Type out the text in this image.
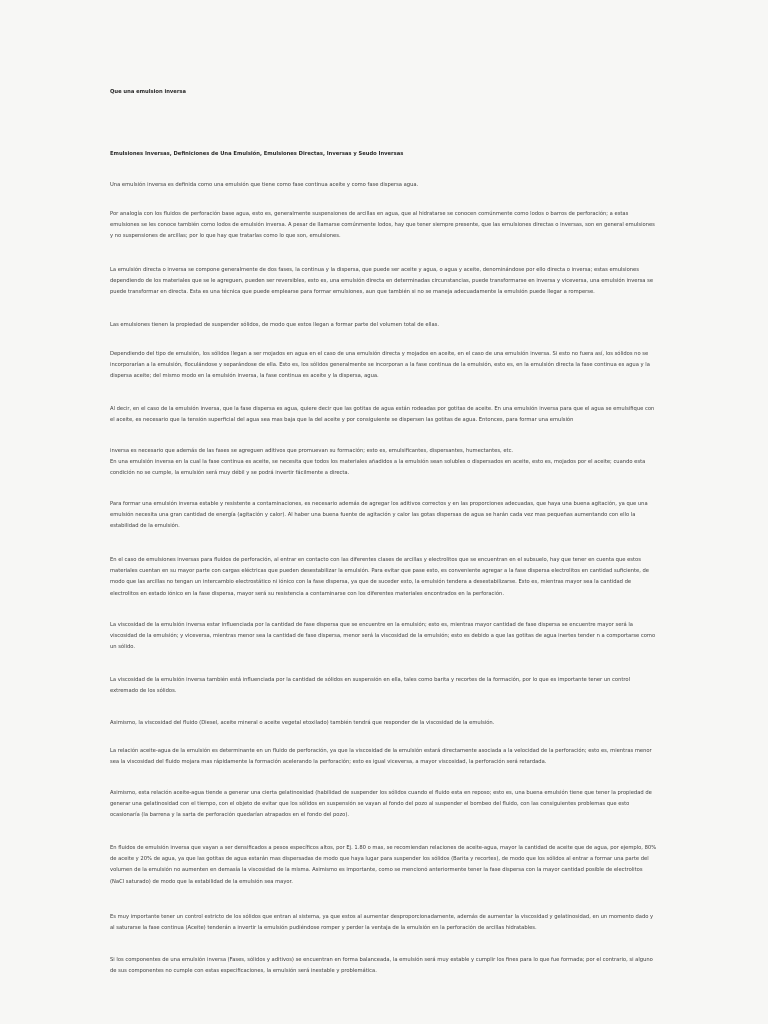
Que una emulsion inversa
Emulsiones Inversas, Definiciones de Una Emulsión, Emulsiones Directas, Inversas y Seudo Inversas

Una emulsión inversa es definida como una emulsión que tiene como fase continua aceite y como fase dispersa agua.

Por analogía con los fluidos de perforación base agua, esto es, generalmente suspensiones de arcillas en agua, que al hidratarse se conocen comúnmente como lodos o barros de perforación; a estas emulsiones se les conoce también como lodos de emulsión inversa. A pesar de llamarse comúnmente lodos, hay que tener siempre presente, que las emulsiones directas o inversas, son en general emulsiones y no suspensiones de arcillas; por lo que hay que tratarlas como lo que son, emulsiones.

La emulsión directa o inversa se compone generalmente de dos fases, la continua y la dispersa, que puede ser aceite y agua, o agua y aceite, denominándose por ello directa o inversa; estas emulsiones dependiendo de los materiales que se le agreguen, pueden ser reversibles, esto es, una emulsión directa en determinadas circunstancias, puede transformarse en inversa y viceversa, una emulsión inversa se puede transformar en directa. Esta es una técnica que puede emplearse para formar emulsiones, aun que también si no se maneja adecuadamente la emulsión puede llegar a romperse.

Las emulsiones tienen la propiedad de suspender sólidos, de modo que estos llegan a formar parte del volumen total de ellas.

Dependiendo del tipo de emulsión, los sólidos llegan a ser mojados en agua en el caso de una emulsión directa y mojados en aceite, en el caso de una emulsión inversa. Si esto no fuera así, los sólidos no se incorporarían a la emulsión, floculándose y separándose de ella. Esto es, los sólidos generalmente se incorporan a la fase continua de la emulsión, esto es, en la emulsión directa la fase continua es agua y la dispersa aceite; del mismo modo en la emulsión inversa, la fase continua es aceite y la dispersa, agua.

Al decir, en el caso de la emulsión inversa, que la fase dispersa es agua, quiere decir que las gotitas de agua están rodeadas por gotitas de aceite. En una emulsión inversa para que el agua se emulsifique con el aceite, es necesario que la tensión superficial del agua sea mas baja que la del aceite y por consiguiente se dispersen las gotitas de agua. Entonces, para formar una emulsión

inversa es necesario que además de las fases se agreguen aditivos que promuevan su formación; esto es, emulsificantes, dispersantes, humectantes, etc.
En una emulsión inversa en la cual la fase continua es aceite, se necesita que todos los materiales añadidos a la emulsión sean solubles o dispersados en aceite, esto es, mojados por el aceite; cuando esta condición no se cumple, la emulsión será muy débil y se podrá invertir fácilmente a directa.

Para formar una emulsión inversa estable y resistente a contaminaciones, es necesario además de agregar los aditivos correctos y en las proporciones adecuadas, que haya una buena agitación, ya que una emulsión necesita una gran cantidad de energía (agitación y calor). Al haber una buena fuente de agitación y calor las gotas dispersas de agua se harán cada vez mas pequeñas aumentando con ello la estabilidad de la emulsión.

En el caso de emulsiones inversas para fluidos de perforación, al entrar en contacto con las diferentes clases de arcillas y electrolitos que se encuentran en el subsuelo, hay que tener en cuenta que estos materiales cuentan en su mayor parte con cargas eléctricas que pueden desestabilizar la emulsión. Para evitar que pase esto, es conveniente agregar a la fase dispersa electrolitos en cantidad suficiente, de modo que las arcillas no tengan un intercambio electrostático ni iónico con la fase dispersa, ya que de suceder esto, la emulsión tendera a desestabilizarse. Esto es, mientras mayor sea la cantidad de electrolitos en estado iónico en la fase dispersa, mayor será su resistencia a contaminarse con los diferentes materiales encontrados en la perforación.

La viscosidad de la emulsión inversa estar influenciada por la cantidad de fase dispersa que se encuentre en la emulsión; esto es, mientras mayor cantidad de fase dispersa se encuentre mayor será la viscosidad de la emulsión; y viceversa, mientras menor sea la cantidad de fase dispersa, menor será la viscosidad de la emulsión; esto es debido a que las gotitas de agua inertes tender n a comportarse como un sólido.

La viscosidad de la emulsión inversa también está influenciada por la cantidad de sólidos en suspensión en ella, tales como barita y recortes de la formación, por lo que es importante tener un control extremado de los sólidos.

Asimismo, la viscosidad del fluido (Diesel, aceite mineral o aceite vegetal etoxilado) también tendrá que responder de la viscosidad de la emulsión.

La relación aceite-agua de la emulsión es determinante en un fluido de perforación, ya que la viscosidad de la emulsión estará directamente asociada a la velocidad de la perforación; esto es, mientras menor sea la viscosidad del fluido mojara mas rápidamente la formación acelerando la perforación; esto es igual viceversa, a mayor viscosidad, la perforación será retardada.

Asimismo, esta relación aceite-agua tiende a generar una cierta gelatinosidad (habilidad de suspender los sólidos cuando el fluido esta en reposo; esto es, una buena emulsión tiene que tener la propiedad de generar una gelatinosidad con el tiempo, con el objeto de evitar que los sólidos en suspensión se vayan al fondo del pozo al suspender el bombeo del fluido, con las consiguientes problemas que esto ocasionaría (la barrena y la sarta de perforación quedarían atrapados en el fondo del pozo).

En fluidos de emulsión inversa que vayan a ser densificados a pesos específicos altos, por Ej. 1.80 o mas, se recomiendan relaciones de aceite-agua, mayor la cantidad de aceite que de agua, por ejemplo, 80% de aceite y 20% de agua, ya que las gotitas de agua estarán mas dispersadas de modo que haya lugar para suspender los sólidos (Barita y recortes), de modo que los sólidos al entrar a formar una parte del volumen de la emulsión no aumenten en demasía la viscosidad de la misma. Asimismo es importante, como se mencionó anteriormente tener la fase dispersa con la mayor cantidad posible de electrolitos (NaCl saturado) de modo que la estabilidad de la emulsión sea mayor.

Es muy importante tener un control estricto de los sólidos que entran al sistema, ya que estos al aumentar desproporcionadamente, además de aumentar la viscosidad y gelatinosidad, en un momento dado y al saturarse la fase continua (Aceite) tenderán a invertir la emulsión pudiéndose romper y perder la ventaja de la emulsión en la perforación de arcillas hidratables.

Si los componentes de una emulsión inversa (Fases, sólidos y aditivos) se encuentran en forma balanceada, la emulsión será muy estable y cumplir los fines para lo que fue formada; por el contrario, si alguno de sus componentes no cumple con estas especificaciones, la emulsión será inestable y problemática.
